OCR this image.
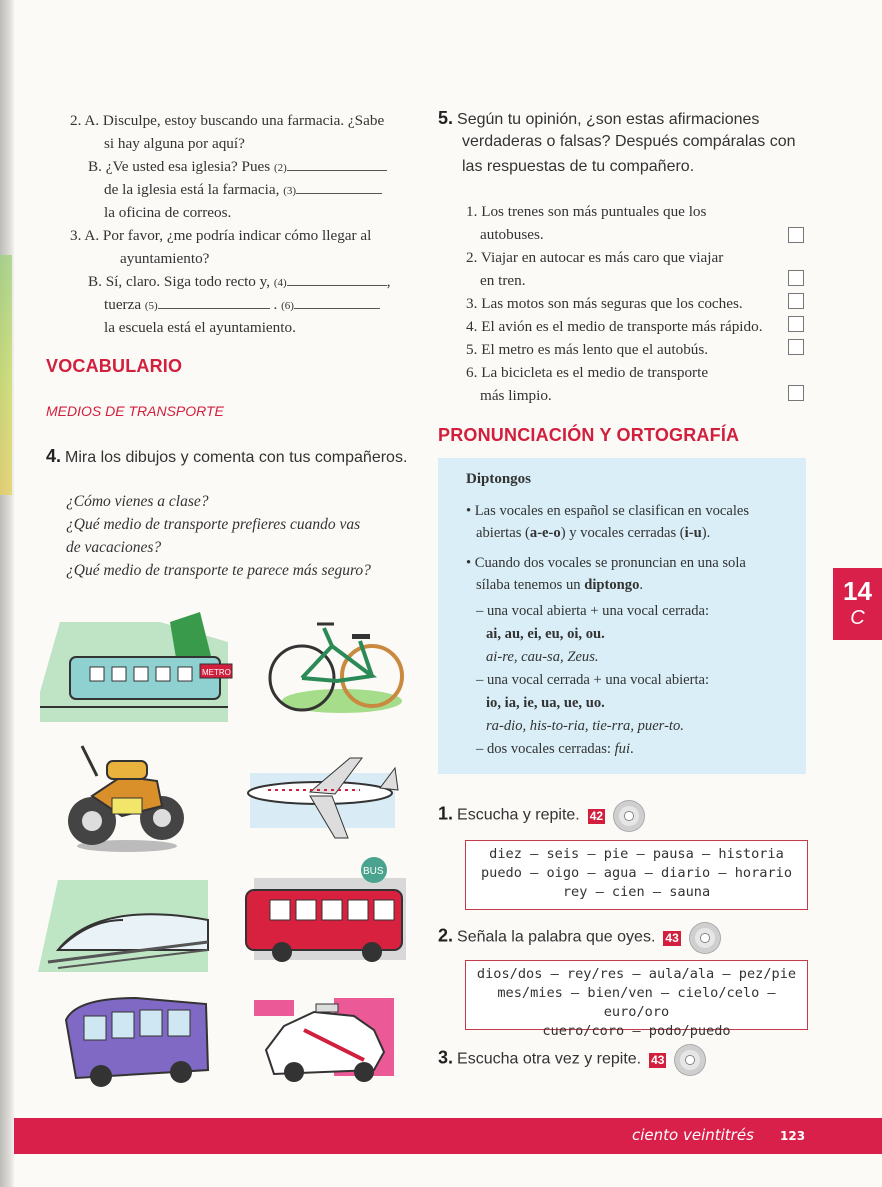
2. A. Disculpe, estoy buscando una farmacia. ¿Sabe
si hay alguna por aquí?
B. ¿Ve usted esa iglesia? Pues (2)
de la iglesia está la farmacia, (3)
la oficina de correos.
3. A. Por favor, ¿me podría indicar cómo llegar al
ayuntamiento?
B. Sí, claro. Siga todo recto y, (4)	,
tuerza (5)	. (6)
la escuela está el ayuntamiento.
VOCABULARIO
MEDIOS DE TRANSPORTE
4. Mira los dibujos y comenta con tus compañeros.
¿Cómo vienes a clase?
¿Qué medio de transporte prefieres cuando vas
de vacaciones?
¿Qué medio de transporte te parece más seguro?
METRO
BUS
5. Según tu opinión, ¿son estas afirmaciones
verdaderas o falsas? Después compáralas con
las respuestas de tu compañero.
1. Los trenes son más puntuales que los
autobuses.
2. Viajar en autocar es más caro que viajar
en tren.
3. Las motos son más seguras que los coches.
4. El avión es el medio de transporte más rápido.
5. El metro es más lento que el autobús.
6. La bicicleta es el medio de transporte
más limpio.
PRONUNCIACIÓN Y ORTOGRAFÍA
Diptongos
• Las vocales en español se clasifican en vocales
abiertas (a-e-o) y vocales cerradas (i-u).
• Cuando dos vocales se pronuncian en una sola
sílaba tenemos un diptongo.
– una vocal abierta + una vocal cerrada:
ai, au, ei, eu, oi, ou.
ai-re, cau-sa, Zeus.
– una vocal cerrada + una vocal abierta:
io, ia, ie, ua, ue, uo.
ra-dio, his-to-ria, tie-rra, puer-to.
– dos vocales cerradas: fui.
1. Escucha y repite. 42
diez – seis – pie – pausa – historia
puedo – oigo – agua – diario – horario
rey – cien – sauna
2. Señala la palabra que oyes. 43
dios/dos – rey/res – aula/ala – pez/pie
mes/mies – bien/ven – cielo/celo – euro/oro
cuero/coro – podo/puedo
3. Escucha otra vez y repite. 43
14
C
ciento veintitrés 123
